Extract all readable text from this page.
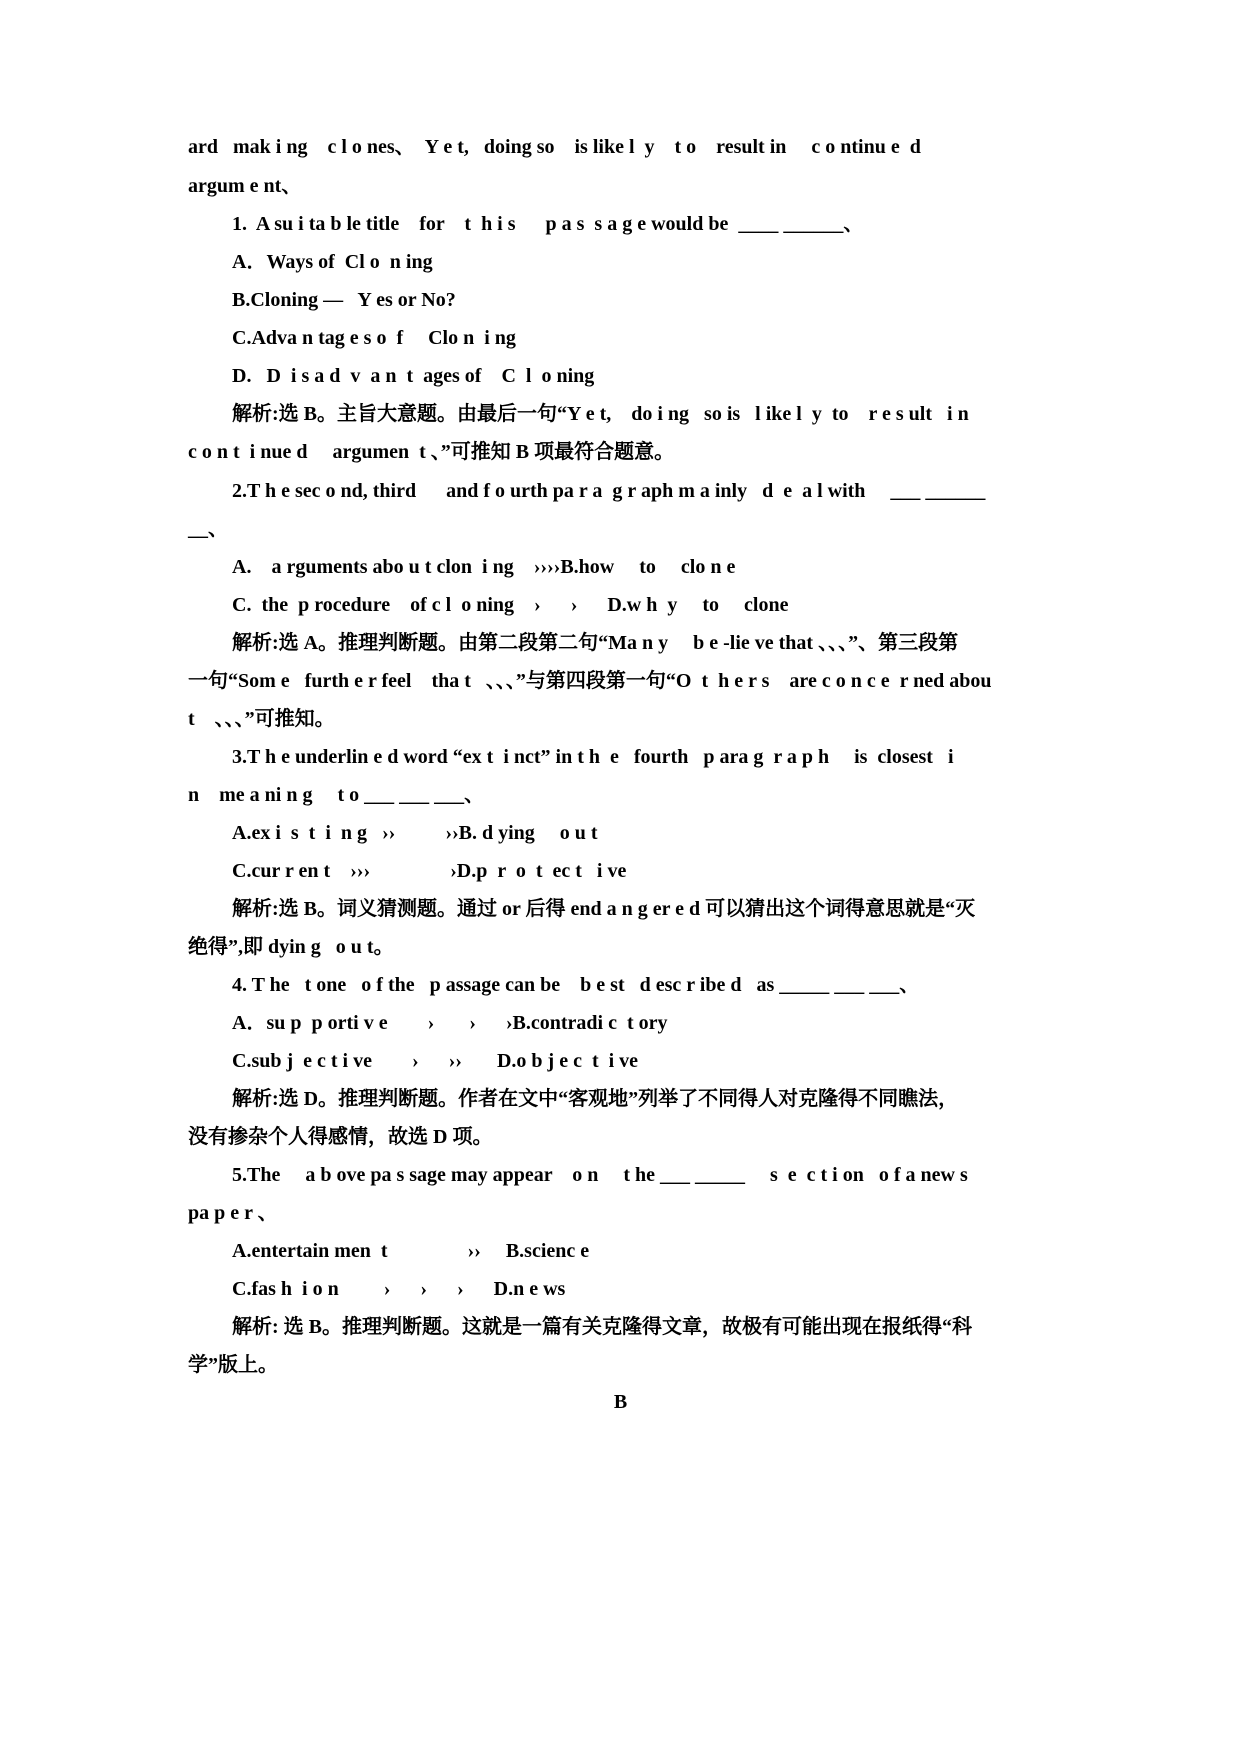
ard   mak i ng    c l o nes、  Y e t,   doing so    is like l  y    t o    result in     c o ntinu e  d
argum e nt、
1.  A su i ta b le title    for    t  h i s      p a s  s a g e would be  ____ ______、
A．Ways of  Cl o  n ing
B.Cloning —   Y es or No?
C.Adva n tag e s o  f     Clo n  i ng
D.   D  i s a d  v  a n  t  ages of    C  l  o ning
解析:选 B。主旨大意题。由最后一句“Y e t,    do i ng   so is   l ike l  y  to    r e s ult   i n
c o n t  i nue d     argumen  t 、”可推知 B 项最符合题意。
2.T h e sec o nd, third      and f o urth pa r a  g r aph m a inly   d  e  a l with     ___ ______
__、
A.    a rguments abo u t clon  i ng    ››››B.how     to     clo n e
C.  the  p rocedure    of c l  o ning    ›      ›      D.w h  y     to     clone
解析:选 A。推理判断题。由第二段第二句“Ma n y     b e -lie ve that 、、、”、第三段第
一句“Som e   furth e r feel    tha t   、、、”与第四段第一句“O  t  h e r s    are c o n c e  r ned abou
t    、、、”可推知。
3.T h e underlin e d word “ex t  i nct” in t h  e   fourth   p ara g  r a p h     is  closest   i
n    me a ni n g     t o ___ ___ ___、
A.ex i  s  t  i  n g   ››          ››B. d ying     o u t
C.cur r en t    ›››                ›D.p  r  o  t  ec t   i ve
解析:选 B。词义猜测题。通过 or 后得 end a n g er e d 可以猜出这个词得意思就是“灭
绝得”,即 dyin g   o u t。
4. T he   t one   o f the   p assage can be    b e st   d esc r ibe d   as _____ ___ ___、
A．su p  p orti v e        ›       ›      ›B.contradi c  t ory
C.sub j  e c t i ve        ›      ››       D.o b j e c  t  i ve
解析:选 D。推理判断题。作者在文中“客观地”列举了不同得人对克隆得不同瞧法，
没有掺杂个人得感情，故选 D 项。
5.The     a b ove pa s sage may appear    o n     t he ___ _____     s  e  c t i on   o f a new s
pa p e r 、
A.entertain men  t                ››     B.scienc e
C.fas h  i o n         ›      ›      ›      D.n e ws
解析: 选 B。推理判断题。这就是一篇有关克隆得文章，故极有可能出现在报纸得“科
学”版上。
B
